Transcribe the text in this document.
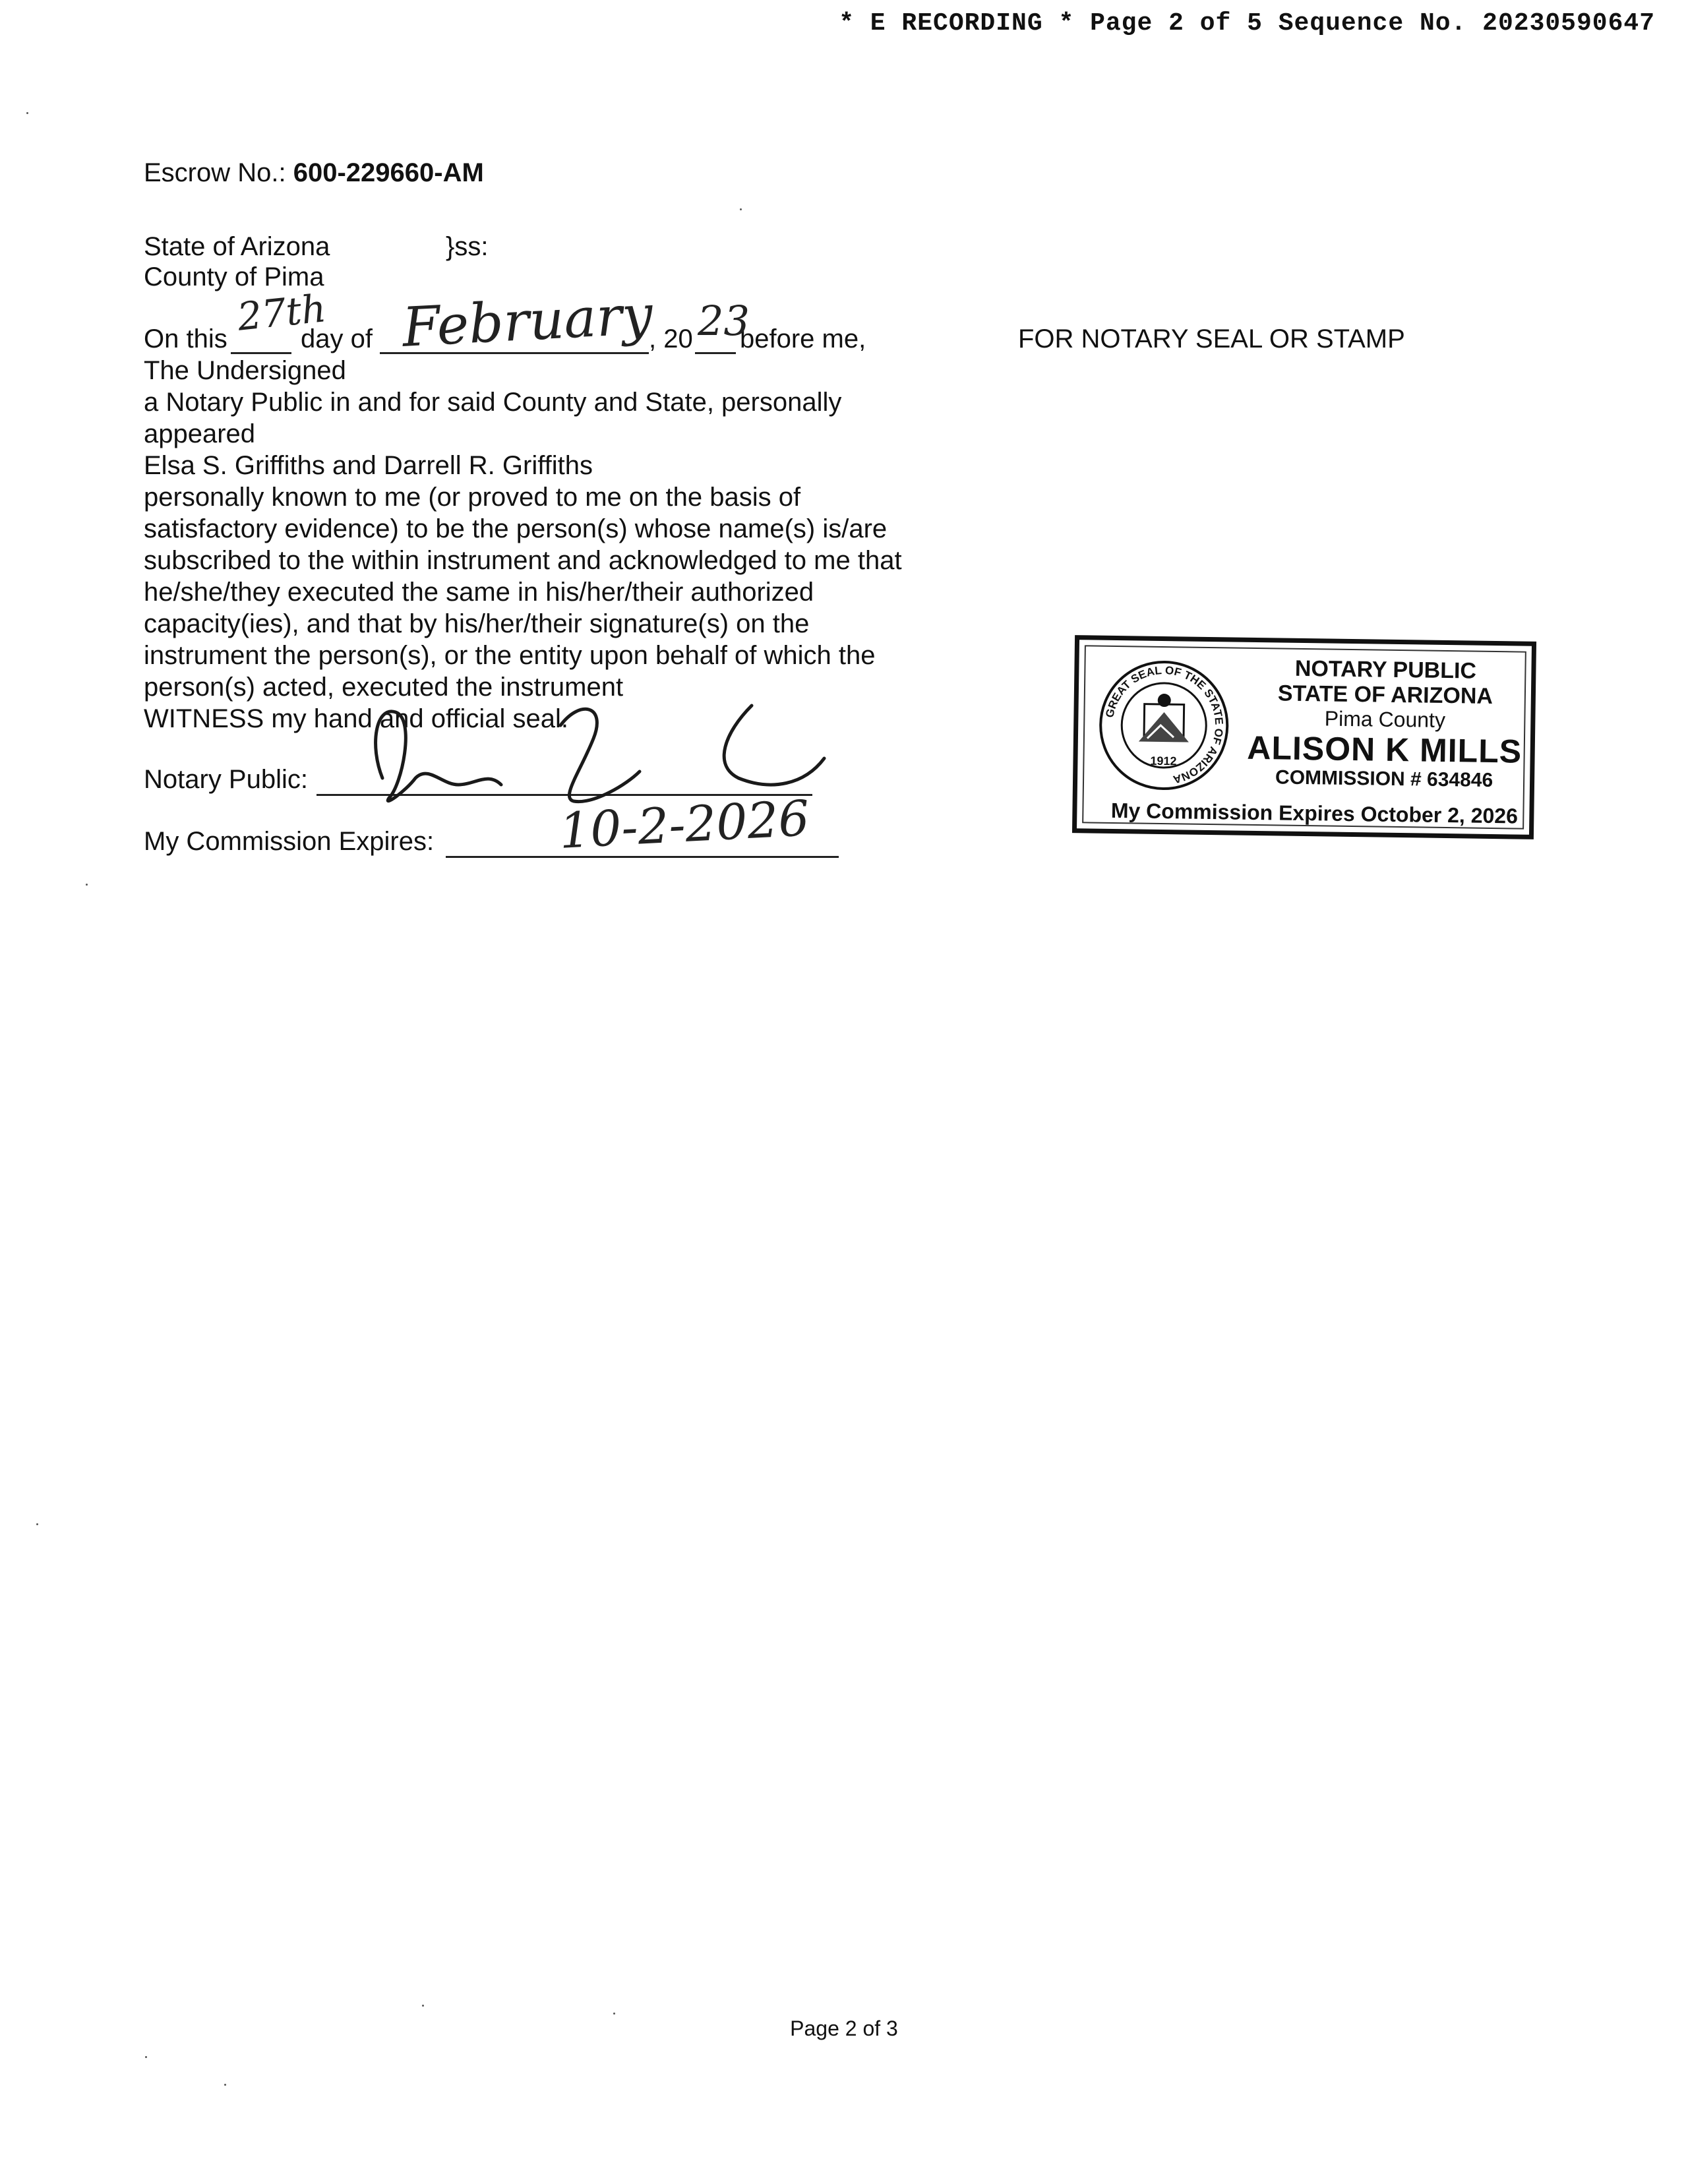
* E RECORDING * Page 2 of 5 Sequence No. 20230590647
Escrow No.: 600-229660-AM
State of Arizona	}ss:
County of Pima
On this	day of	, 20 before me,
27th February 23
The Undersigned
a Notary Public in and for said County and State, personally
appeared
Elsa S. Griffiths and Darrell R. Griffiths
personally known to me (or proved to me on the basis of
satisfactory evidence) to be the person(s) whose name(s) is/are
subscribed to the within instrument and acknowledged to me that
he/she/they executed the same in his/her/their authorized
capacity(ies), and that by his/her/their signature(s) on the
instrument the person(s), or the entity upon behalf of which the
person(s) acted, executed the instrument
WITNESS my hand and official seal.
Notary Public:
My Commission Expires:	10-2-2026
FOR NOTARY SEAL OR STAMP
GREAT SEAL OF THE STATE OF ARIZONA
1912
NOTARY PUBLIC
STATE OF ARIZONA
Pima County
ALISON K MILLS
COMMISSION # 634846
My Commission Expires October 2, 2026
Page 2 of 3
